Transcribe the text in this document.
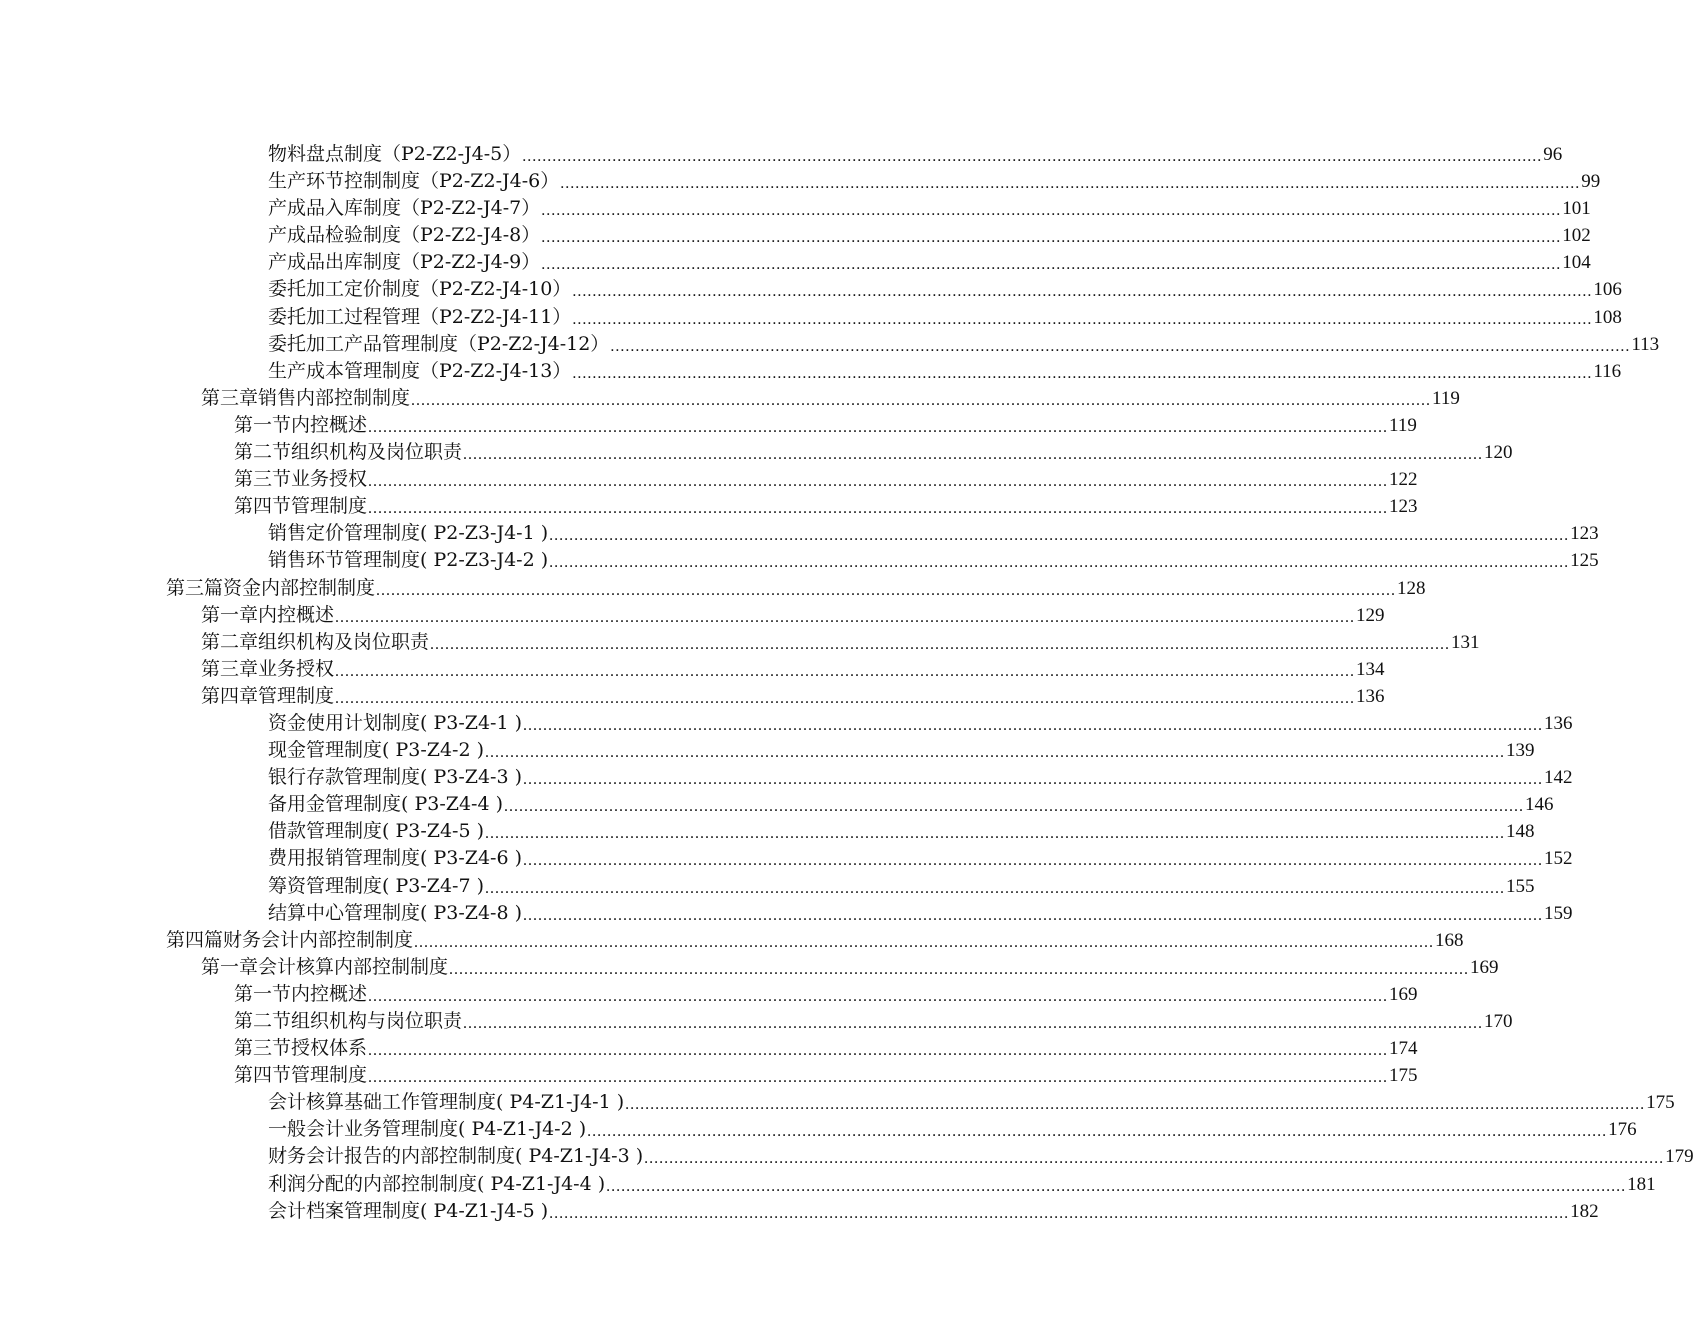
物料盘点制度（P2-Z2-J4-5） .....	96
生产环节控制制度（P2-Z2-J4-6） .....	99
产成品入库制度（P2-Z2-J4-7） .....	101
产成品检验制度（P2-Z2-J4-8） .....	102
产成品出库制度（P2-Z2-J4-9） .....	104
委托加工定价制度（P2-Z2-J4-10） .....	106
委托加工过程管理（P2-Z2-J4-11） .....	108
委托加工产品管理制度（P2-Z2-J4-12） .....	113
生产成本管理制度（P2-Z2-J4-13） .....	116
第三章 销售内部控制制度 .....	119
第一节 内控概述 .....	119
第二节 组织机构及岗位职责 .....	120
第三节 业务授权 .....	122
第四节 管理制度 .....	123
销售定价管理制度( P2-Z3-J4-1 ) .....	123
销售环节管理制度( P2-Z3-J4-2 ) .....	125
第三篇 资金内部控制制度 .....	128
第一章 内控概述 .....	129
第二章 组织机构及岗位职责 .....	131
第三章 业务授权 .....	134
第四章 管理制度 .....	136
资金使用计划制度( P3-Z4-1 ) .....	136
现金管理制度( P3-Z4-2 ) .....	139
银行存款管理制度( P3-Z4-3 ) .....	142
备用金管理制度( P3-Z4-4 ) .....	146
借款管理制度( P3-Z4-5 ) .....	148
费用报销管理制度( P3-Z4-6 ) .....	152
筹资管理制度( P3-Z4-7 ) .....	155
结算中心管理制度( P3-Z4-8 ) .....	159
第四篇 财务会计内部控制制度 .....	168
第一章 会计核算内部控制制度 .....	169
第一节 内控概述 .....	169
第二节 组织机构与岗位职责 .....	170
第三节 授权体系 .....	174
第四节 管理制度 .....	175
会计核算基础工作管理制度( P4-Z1-J4-1 ) .....	175
一般会计业务管理制度( P4-Z1-J4-2 ) .....	176
财务会计报告的内部控制制度( P4-Z1-J4-3 ) .....	179
利润分配的内部控制制度( P4-Z1-J4-4 ) .....	181
会计档案管理制度( P4-Z1-J4-5 ) .....	182
